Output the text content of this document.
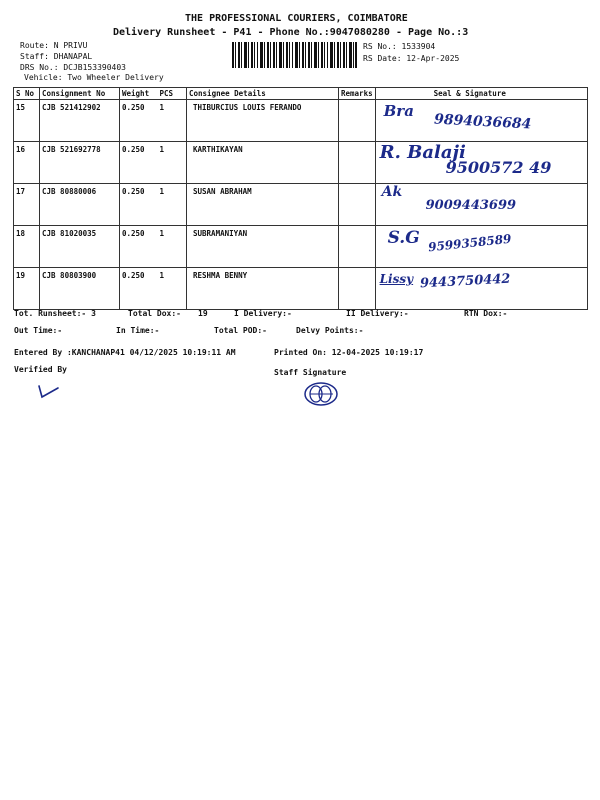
THE PROFESSIONAL COURIERS, COIMBATORE
Delivery Runsheet - P41 - Phone No.:9047080280 - Page No.:3
Route: N PRIVU
Staff: DHANAPAL
DRS No.: DCJB153390403
Vehicle: Two Wheeler Delivery
RS No.: 1533904
RS Date: 12-Apr-2025
S No	Consignment No	Weight	PCS	Consignee Details	Remarks	Seal & Signature
15	CJB 521412902	0.250	1	THIBURCIUS LOUIS FERANDO		Bra
9894036684

16	CJB 521692778	0.250	1	KARTHIKAYAN		R. Balaji
9500572 49

17	CJB 80880006	0.250	1	SUSAN ABRAHAM		Ak
9009443699

18	CJB 81020035	0.250	1	SUBRAMANIYAN		S.G 9599358589

19	CJB 80803900	0.250	1	RESHMA BENNY		Lissy 9443750442
Tot. Runsheet:- 3	Total Dox:- 19	I Delivery:-	II Delivery:-	RTN Dox:-
Out Time:-	In Time:-	Total POD:-	Delvy Points:-
Entered By :KANCHANAP41 04/12/2025 10:19:11 AM	Printed On: 12-04-2025 10:19:17
Verified By	Staff Signature
